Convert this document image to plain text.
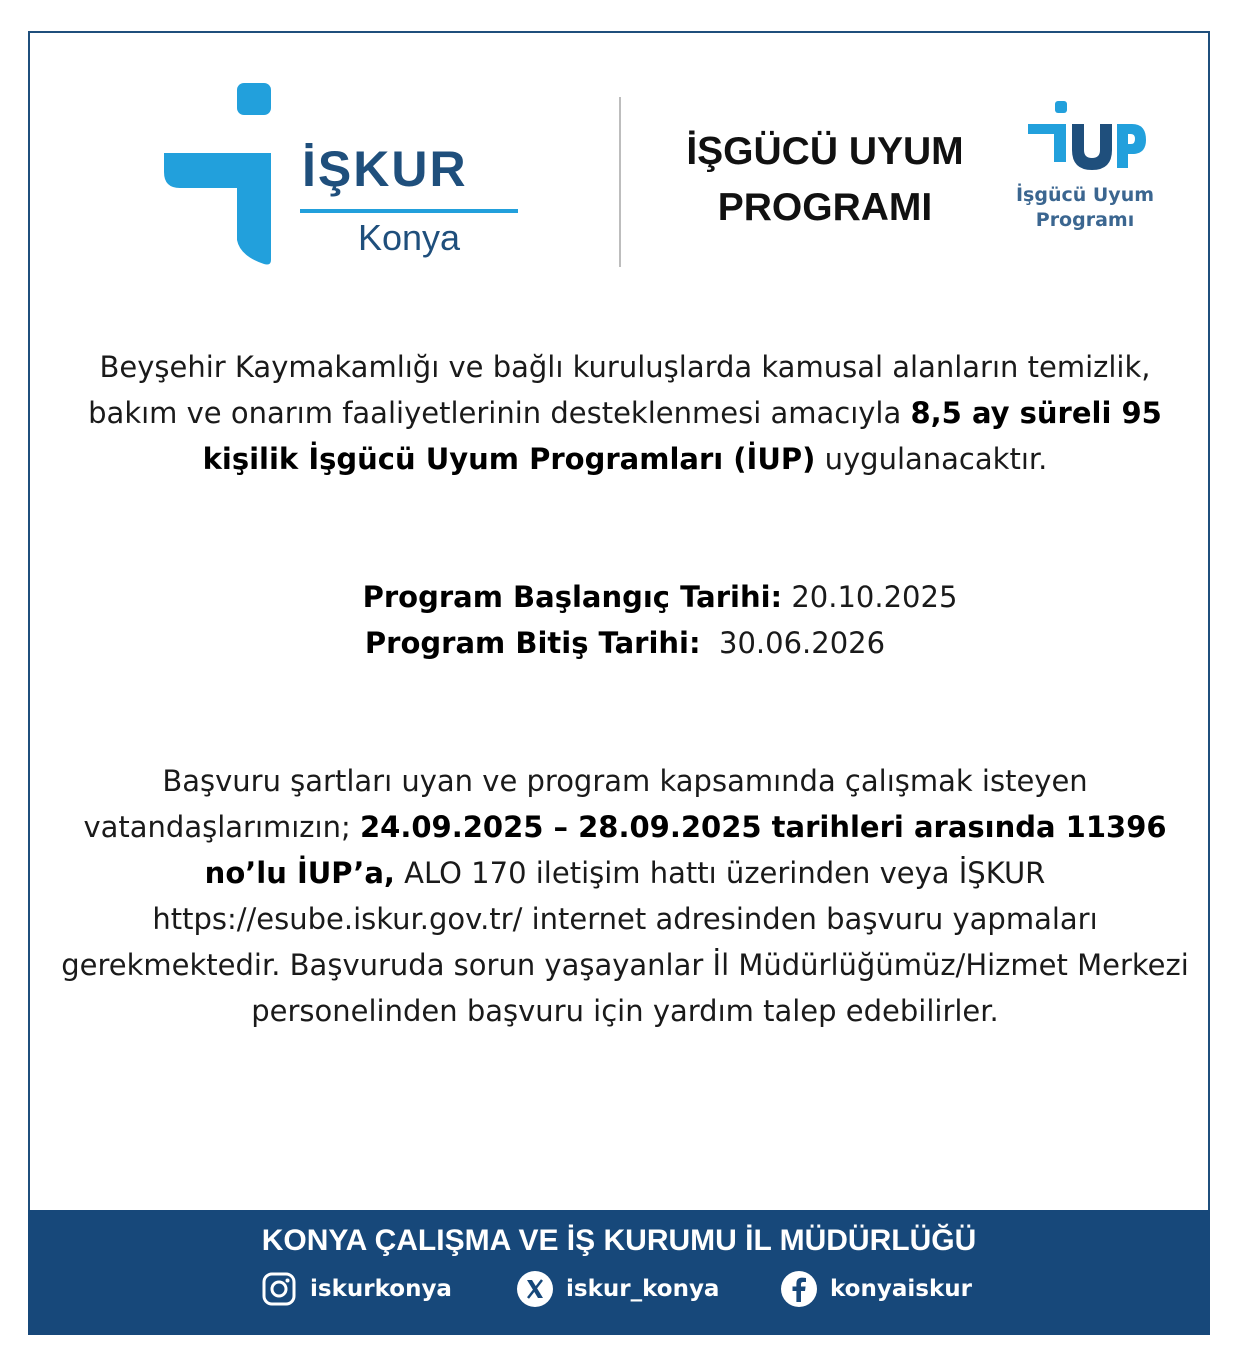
İŞKUR
Konya
İŞGÜCÜ UYUM
PROGRAMI	İşgücü Uyum
Programı
Beyşehir Kaymakamlığı ve bağlı kuruluşlarda kamusal alanların temizlik, bakım ve onarım faaliyetlerinin desteklenmesi amacıyla 8,5 ay süreli 95 kişilik İşgücü Uyum Programları (İUP) uygulanacaktır.
Program Başlangıç Tarihi: 20.10.2025
Program Bitiş Tarihi:  30.06.2026
Başvuru şartları uyan ve program kapsamında çalışmak isteyen vatandaşlarımızın; 24.09.2025 – 28.09.2025 tarihleri arasında 11396 no’lu İUP’a, ALO 170 iletişim hattı üzerinden veya İŞKUR https://esube.iskur.gov.tr/ internet adresinden başvuru yapmaları gerekmektedir. Başvuruda sorun yaşayanlar İl Müdürlüğümüz/Hizmet Merkezi personelinden başvuru için yardım talep edebilirler.
KONYA ÇALIŞMA VE İŞ KURUMU İL MÜDÜRLÜĞÜ
iskurkonya	iskur_konya	konyaiskur
